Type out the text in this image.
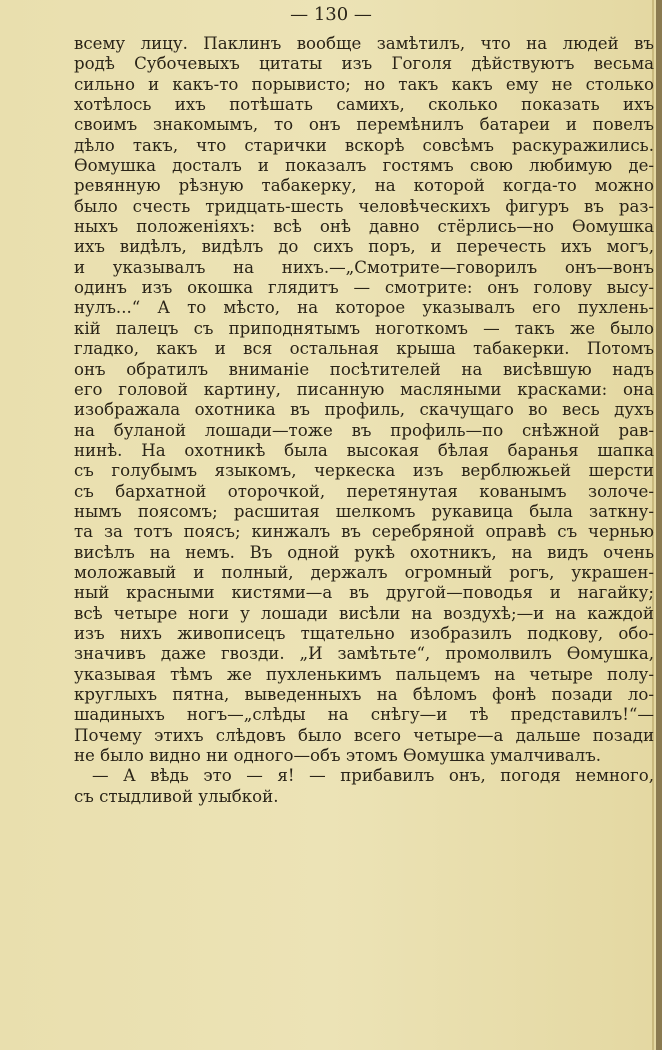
— 130 —
всему лицу. Паклинъ вообще замѣтилъ, что на людей въ
родѣ Субочевыхъ цитаты изъ Гоголя дѣйствуютъ весьма
сильно и какъ-то порывисто; но такъ какъ ему не столько
хотѣлось ихъ потѣшать самихъ, сколько показать ихъ
своимъ знакомымъ, то онъ перемѣнилъ батареи и повелъ
дѣло такъ, что старички вскорѣ совсѣмъ раскуражились.
Ѳомушка досталъ и показалъ гостямъ свою любимую де-
ревянную рѣзную табакерку, на которой когда-то можно
было счесть тридцать-шесть человѣческихъ фигуръ въ раз-
ныхъ положеніяхъ: всѣ онѣ давно стёрлись—но Ѳомушка
ихъ видѣлъ, видѣлъ до сихъ поръ, и перечесть ихъ могъ,
и указывалъ на нихъ.—„Смотрите—говорилъ онъ—вонъ
одинъ изъ окошка глядитъ — смотрите: онъ голову высу-
нулъ...“ А то мѣсто, на которое указывалъ его пухлень-
кій палецъ съ приподнятымъ ноготкомъ — такъ же было
гладко, какъ и вся остальная крыша табакерки. Потомъ
онъ обратилъ вниманіе посѣтителей на висѣвшую надъ
его головой картину, писанную масляными красками: она
изображала охотника въ профиль, скачущаго во весь духъ
на буланой лошади—тоже въ профиль—по снѣжной рав-
нинѣ. На охотникѣ была высокая бѣлая баранья шапка
съ голубымъ языкомъ, черкеска изъ верблюжьей шерсти
съ бархатной оторочкой, перетянутая кованымъ золоче-
нымъ поясомъ; расшитая шелкомъ рукавица была заткну-
та за тотъ поясъ; кинжалъ въ серебряной оправѣ съ чернью
висѣлъ на немъ. Въ одной рукѣ охотникъ, на видъ очень
моложавый и полный, держалъ огромный рогъ, украшен-
ный красными кистями—а въ другой—поводья и нагайку;
всѣ четыре ноги у лошади висѣли на воздухѣ;—и на каждой
изъ нихъ живописецъ тщательно изобразилъ подкову, обо-
значивъ даже гвозди. „И замѣтьте“, промолвилъ Ѳомушка,
указывая тѣмъ же пухленькимъ пальцемъ на четыре полу-
круглыхъ пятна, выведенныхъ на бѣломъ фонѣ позади ло-
шадиныхъ ногъ—„слѣды на снѣгу—и тѣ представилъ!“—
Почему этихъ слѣдовъ было всего четыре—а дальше позади
не было видно ни одного—объ этомъ Ѳомушка умалчивалъ.
— А вѣдь это — я! — прибавилъ онъ, погодя немного,
съ стыдливой улыбкой.
